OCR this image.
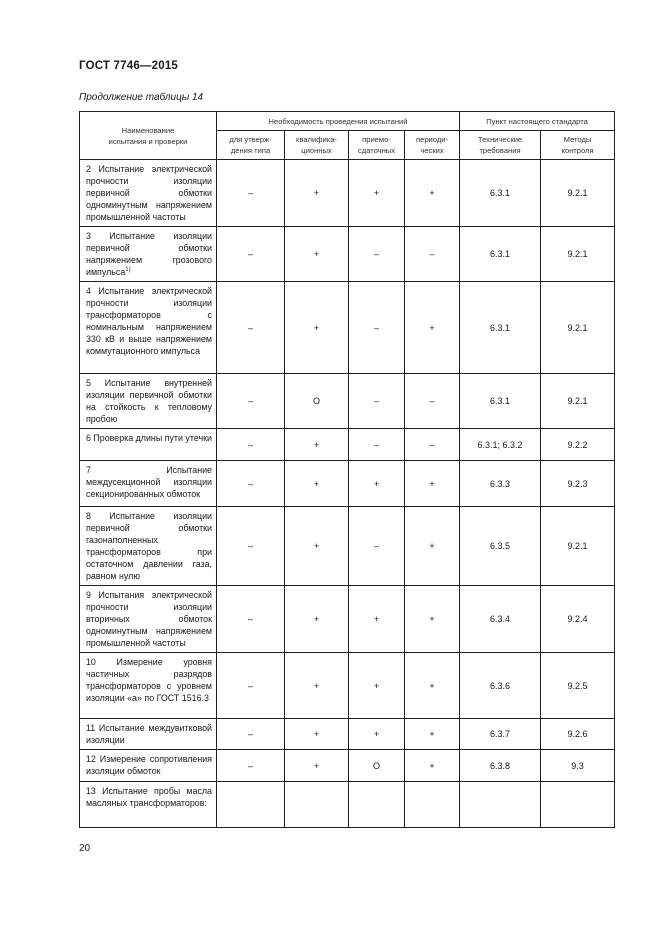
ГОСТ 7746—2015
Продолжение таблицы 14
Наименование испытания и проверки	Необходимость проведения испытаний				Пункт настоящего стандарта	

	для утверж-дения типа	квалифика-ционных	приемо-сдаточных	периоди-ческих	Технические требования	Методы контроля

2 Испытание электрической прочности изоляции первичной обмотки одноминутным напряжением промышленной частоты	–	+	+	+	6.3.1	9.2.1
3 Испытание изоляции первичной обмотки напряжением грозового импульса$^{1)}$	–	+	–	–	6.3.1	9.2.1
4 Испытание электрической прочности изоляции трансформаторов с номинальным напряжением 330 кВ и выше напряжением коммутационного импульса	–	+	–	+	6.3.1	9.2.1
5 Испытание внутренней изоляции первичной обмотки на стойкость к тепловому пробою	–	О	–	–	6.3.1	9.2.1
6 Проверка длины пути утечки	–	+	–	–	6.3.1; 6.3.2	9.2.2
7 Испытание междусекционной изоляции секционированных обмоток	–	+	+	+	6.3.3	9.2.3
8 Испытание изоляции первичной обмотки газонаполненных трансформаторов при остаточном давлении газа, равном нулю	–	+	–	+	6.3.5	9.2.1
9 Испытания электрической прочности изоляции вторичных обмоток одноминутным напряжением промышленной частоты	–	+	+	+	6.3.4	9.2.4
10 Измерение уровня частичных разрядов трансформаторов с уровнем изоляции «а» по ГОСТ 1516.3	–	+	+	+	6.3.6	9.2.5
11 Испытание междувитковой изоляции	–	+	+	+	6.3.7	9.2.6
12 Измерение сопротивления изоляции обмоток	–	+	О	+	6.3.8	9.3
13 Испытание пробы масла масляных трансформаторов:						
20
